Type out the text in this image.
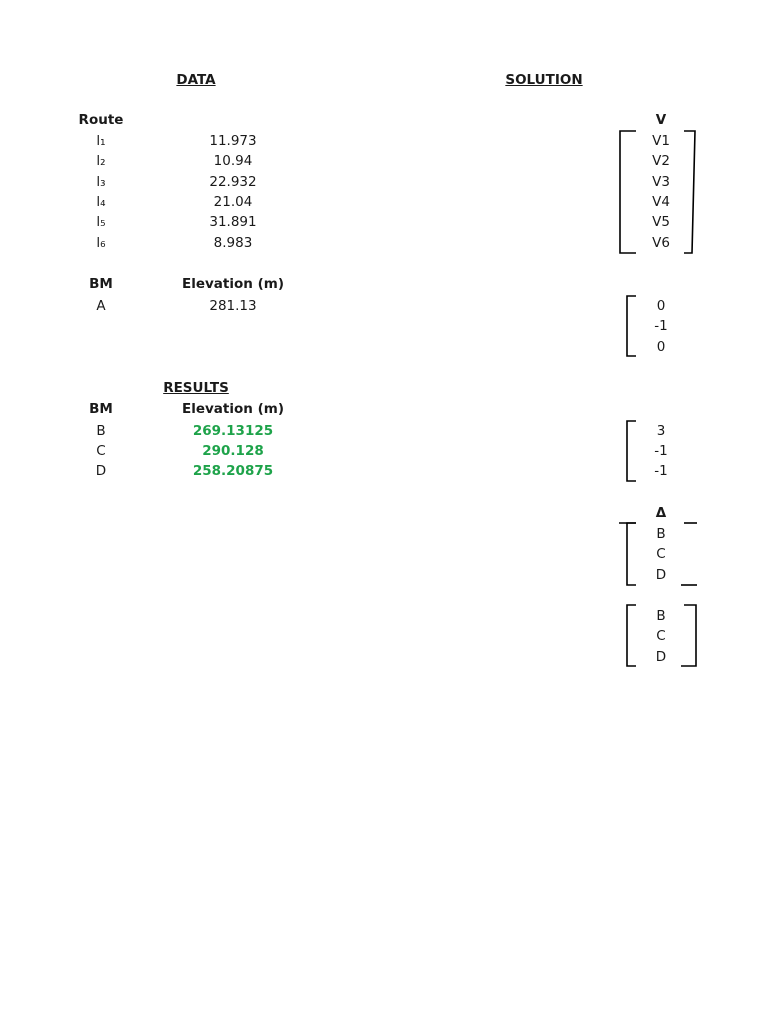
DATA
Route
l₁	11.973
l₂	10.94
l₃	22.932
l₄	21.04
l₅	31.891
l₆	8.983
BM	Elevation (m)
A	281.13
RESULTS
BM	Elevation (m)
B	269.13125
C	290.128
D	258.20875
SOLUTION
V
V1
V2
V3
V4
V5
V6
0
-1
0
3
-1
-1
Δ
B
C
D
B
C
D
